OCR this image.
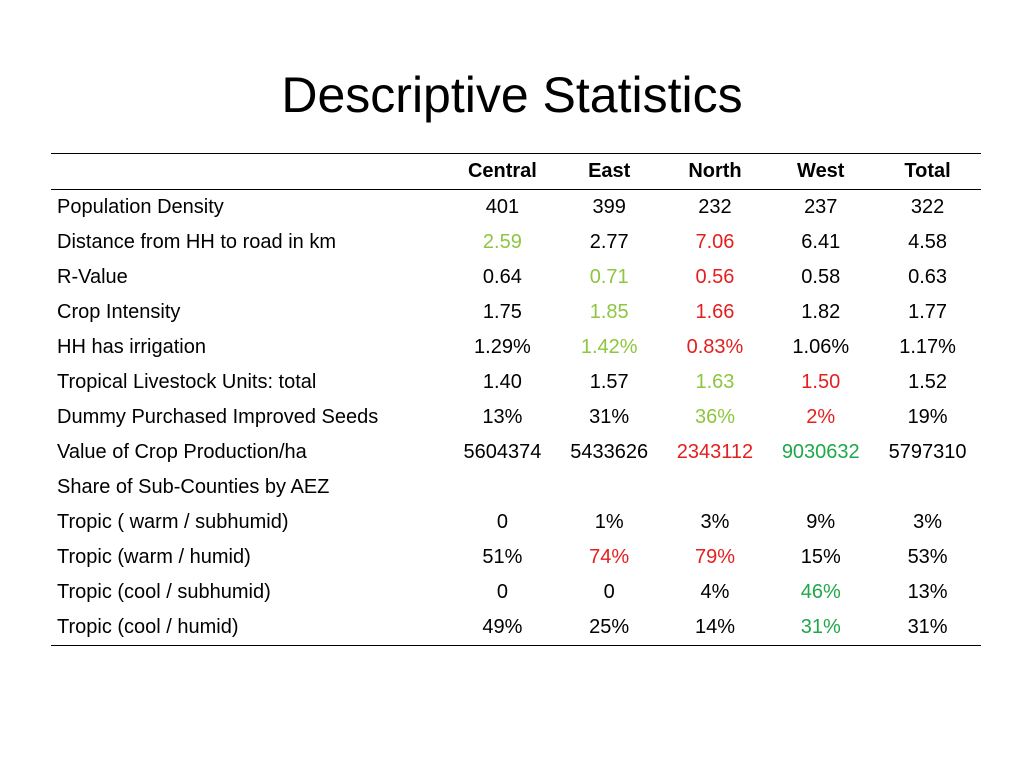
Descriptive Statistics
	Central	East	North	West	Total
Population Density	401	399	232	237	322
Distance from HH to road in km	2.59	2.77	7.06	6.41	4.58
R-Value	0.64	0.71	0.56	0.58	0.63
Crop Intensity	1.75	1.85	1.66	1.82	1.77
HH has irrigation	1.29%	1.42%	0.83%	1.06%	1.17%
Tropical Livestock Units: total	1.40	1.57	1.63	1.50	1.52
Dummy Purchased Improved Seeds	13%	31%	36%	2%	19%
Value of Crop Production/ha	5604374	5433626	2343112	9030632	5797310
Share of Sub-Counties by AEZ					
Tropic ( warm / subhumid)	0	1%	3%	9%	3%
Tropic (warm / humid)	51%	74%	79%	15%	53%
Tropic (cool / subhumid)	0	0	4%	46%	13%
Tropic (cool / humid)	49%	25%	14%	31%	31%
